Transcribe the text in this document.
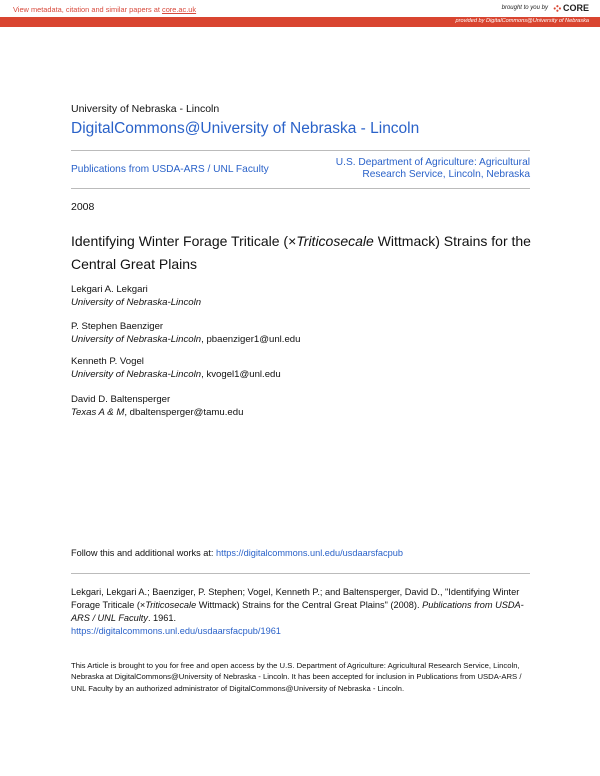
View metadata, citation and similar papers at core.ac.uk	brought to you by CORE
provided by DigitalCommons@University of Nebraska
University of Nebraska - Lincoln
DigitalCommons@University of Nebraska - Lincoln
Publications from USDA-ARS / UNL Faculty
U.S. Department of Agriculture: Agricultural Research Service, Lincoln, Nebraska
2008
Identifying Winter Forage Triticale (×Triticosecale Wittmack) Strains for the Central Great Plains
Lekgari A. Lekgari
University of Nebraska-Lincoln
P. Stephen Baenziger
University of Nebraska-Lincoln, pbaenziger1@unl.edu
Kenneth P. Vogel
University of Nebraska-Lincoln, kvogel1@unl.edu
David D. Baltensperger
Texas A & M, dbaltensperger@tamu.edu
Follow this and additional works at: https://digitalcommons.unl.edu/usdaarsfacpub
Lekgari, Lekgari A.; Baenziger, P. Stephen; Vogel, Kenneth P.; and Baltensperger, David D., "Identifying Winter Forage Triticale (×Triticosecale Wittmack) Strains for the Central Great Plains" (2008). Publications from USDA-ARS / UNL Faculty. 1961.
https://digitalcommons.unl.edu/usdaarsfacpub/1961
This Article is brought to you for free and open access by the U.S. Department of Agriculture: Agricultural Research Service, Lincoln, Nebraska at DigitalCommons@University of Nebraska - Lincoln. It has been accepted for inclusion in Publications from USDA-ARS / UNL Faculty by an authorized administrator of DigitalCommons@University of Nebraska - Lincoln.
